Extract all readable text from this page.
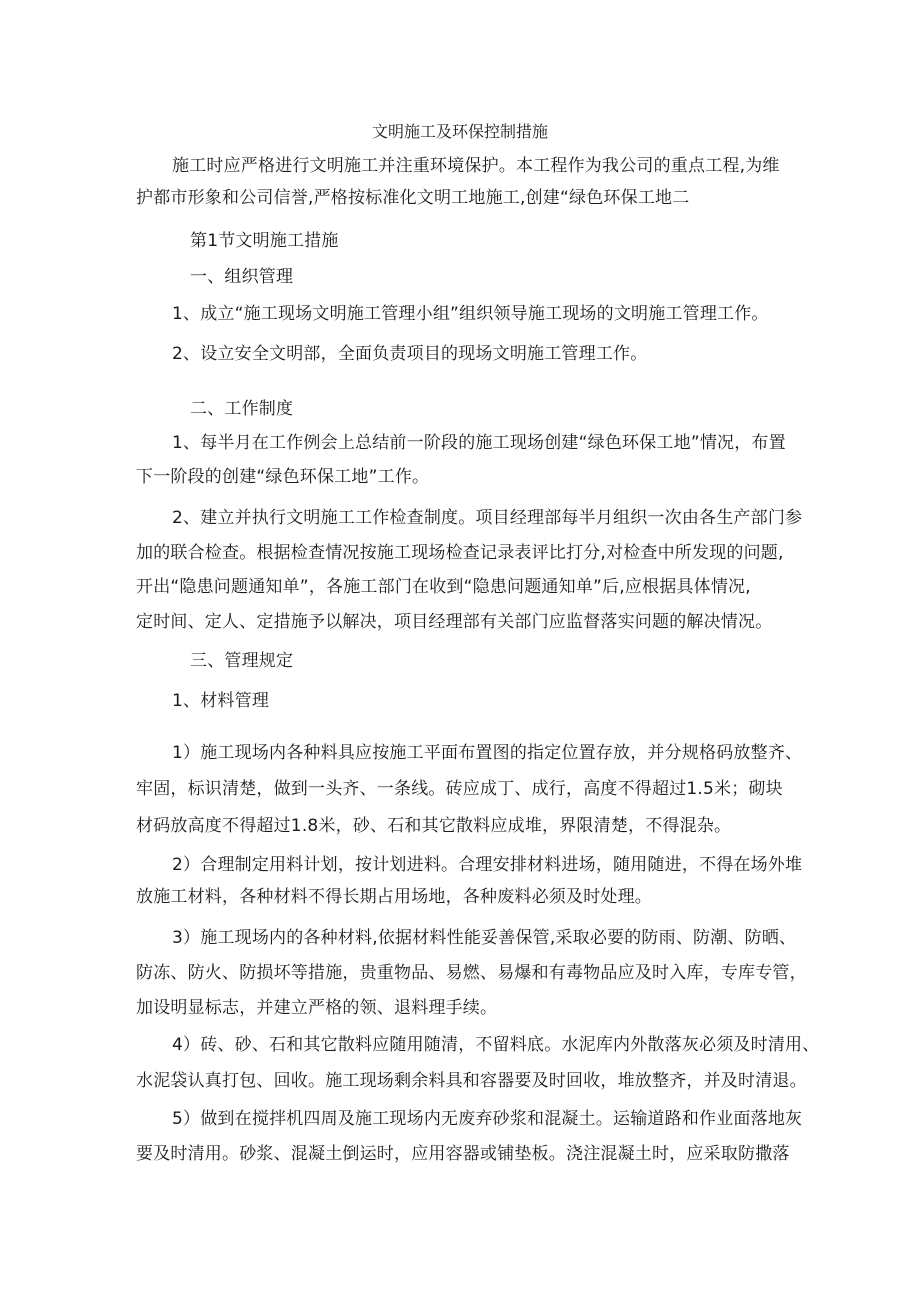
文明施工及环保控制措施
施工时应严格进行文明施工并注重环境保护。本工程作为我公司的重点工程,为维
护都市形象和公司信誉,严格按标准化文明工地施工,创建“绿色环保工地二
第1节文明施工措施
一、组织管理
1、成立“施工现场文明施工管理小组”组织领导施工现场的文明施工管理工作。
2、设立安全文明部，全面负责项目的现场文明施工管理工作。
二、工作制度
1、每半月在工作例会上总结前一阶段的施工现场创建“绿色环保工地”情况，布置
下一阶段的创建“绿色环保工地”工作。
2、建立并执行文明施工工作检查制度。项目经理部每半月组织一次由各生产部门参
加的联合检查。根据检查情况按施工现场检查记录表评比打分,对检查中所发现的问题,
开出“隐患问题通知单”，各施工部门在收到“隐患问题通知单”后,应根据具体情况,
定时间、定人、定措施予以解决，项目经理部有关部门应监督落实问题的解决情况。
三、管理规定
1、材料管理
1）施工现场内各种料具应按施工平面布置图的指定位置存放，并分规格码放整齐、
牢固，标识清楚，做到一头齐、一条线。砖应成丁、成行，高度不得超过1.5米；砌块
材码放高度不得超过1.8米，砂、石和其它散料应成堆，界限清楚，不得混杂。
2）合理制定用料计划，按计划进料。合理安排材料进场，随用随进，不得在场外堆
放施工材料，各种材料不得长期占用场地，各种废料必须及时处理。
3）施工现场内的各种材料,依据材料性能妥善保管,采取必要的防雨、防潮、防晒、
防冻、防火、防损坏等措施，贵重物品、易燃、易爆和有毒物品应及时入库，专库专管，
加设明显标志，并建立严格的领、退料理手续。
4）砖、砂、石和其它散料应随用随清，不留料底。水泥库内外散落灰必须及时清用、
水泥袋认真打包、回收。施工现场剩余料具和容器要及时回收，堆放整齐，并及时清退。
5）做到在搅拌机四周及施工现场内无废弃砂浆和混凝土。运输道路和作业面落地灰
要及时清用。砂浆、混凝土倒运时，应用容器或铺垫板。浇注混凝土时，应采取防撒落
